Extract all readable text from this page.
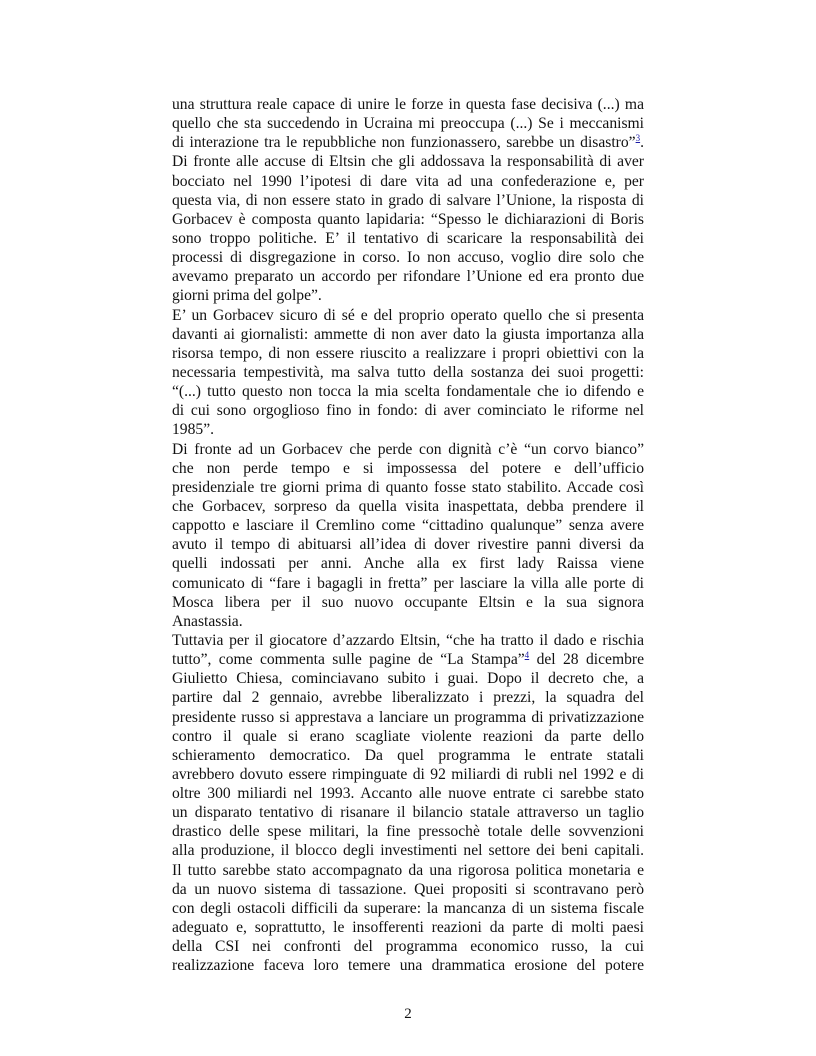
una struttura reale capace di unire le forze in questa fase decisiva (...) ma
quello che sta succedendo in Ucraina mi preoccupa (...) Se i meccanismi
di interazione tra le repubbliche non funzionassero, sarebbe un disastro”$^3$.
Di fronte alle accuse di Eltsin che gli addossava la responsabilità di aver
bocciato nel 1990 l’ipotesi di dare vita ad una confederazione e, per
questa via, di non essere stato in grado di salvare l’Unione, la risposta di
Gorbacev è composta quanto lapidaria: “Spesso le dichiarazioni di Boris
sono troppo politiche. E’ il tentativo di scaricare la responsabilità dei
processi di disgregazione in corso. Io non accuso, voglio dire solo che
avevamo preparato un accordo per rifondare l’Unione ed era pronto due
giorni prima del golpe”.
E’ un Gorbacev sicuro di sé e del proprio operato quello che si presenta
davanti ai giornalisti: ammette di non aver dato la giusta importanza alla
risorsa tempo, di non essere riuscito a realizzare i propri obiettivi con la
necessaria tempestività, ma salva tutto della sostanza dei suoi progetti:
“(...) tutto questo non tocca la mia scelta fondamentale che io difendo e
di cui sono orgoglioso fino in fondo: di aver cominciato le riforme nel
1985”.
Di fronte ad un Gorbacev che perde con dignità c’è “un corvo bianco”
che non perde tempo e si impossessa del potere e dell’ufficio
presidenziale tre giorni prima di quanto fosse stato stabilito. Accade così
che Gorbacev, sorpreso da quella visita inaspettata, debba prendere il
cappotto e lasciare il Cremlino come “cittadino qualunque” senza avere
avuto il tempo di abituarsi all’idea di dover rivestire panni diversi da
quelli indossati per anni. Anche alla ex first lady Raissa viene
comunicato di “fare i bagagli in fretta” per lasciare la villa alle porte di
Mosca libera per il suo nuovo occupante Eltsin e la sua signora
Anastassia.
Tuttavia per il giocatore d’azzardo Eltsin, “che ha tratto il dado e rischia
tutto”, come commenta sulle pagine de “La Stampa”$^4$ del 28 dicembre
Giulietto Chiesa, cominciavano subito i guai. Dopo il decreto che, a
partire dal 2 gennaio, avrebbe liberalizzato i prezzi, la squadra del
presidente russo si apprestava a lanciare un programma di privatizzazione
contro il quale si erano scagliate violente reazioni da parte dello
schieramento democratico. Da quel programma le entrate statali
avrebbero dovuto essere rimpinguate di 92 miliardi di rubli nel 1992 e di
oltre 300 miliardi nel 1993. Accanto alle nuove entrate ci sarebbe stato
un disparato tentativo di risanare il bilancio statale attraverso un taglio
drastico delle spese militari, la fine pressochè totale delle sovvenzioni
alla produzione, il blocco degli investimenti nel settore dei beni capitali.
Il tutto sarebbe stato accompagnato da una rigorosa politica monetaria e
da un nuovo sistema di tassazione. Quei propositi si scontravano però
con degli ostacoli difficili da superare: la mancanza di un sistema fiscale
adeguato e, soprattutto, le insofferenti reazioni da parte di molti paesi
della CSI nei confronti del programma economico russo, la cui
realizzazione faceva loro temere una drammatica erosione del potere
2
